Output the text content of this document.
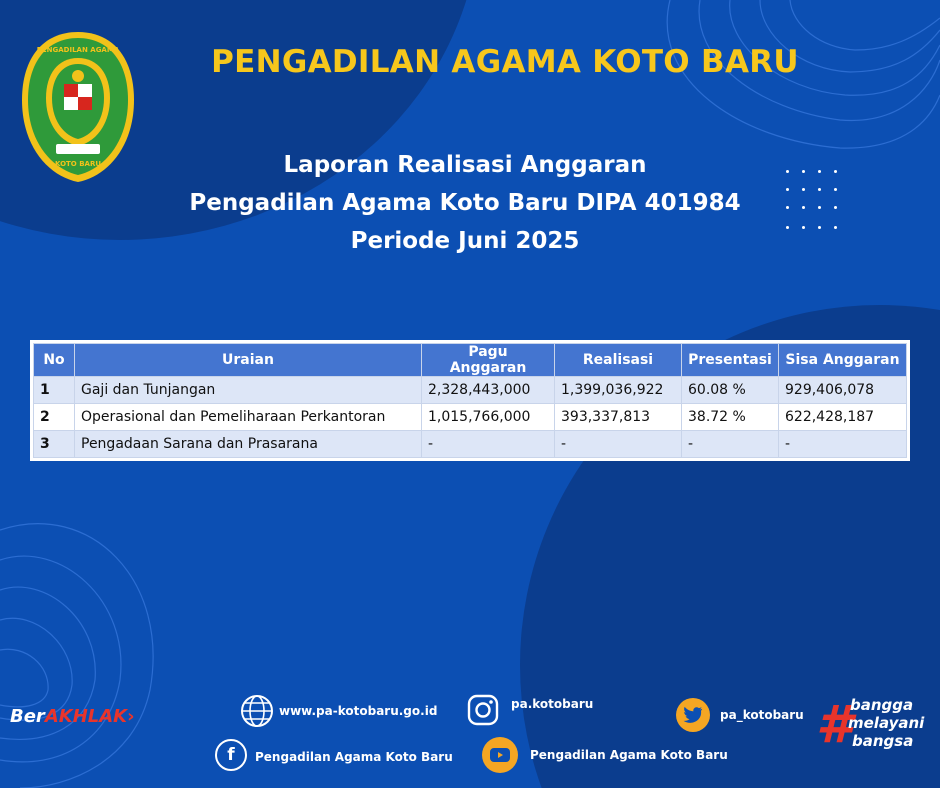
PENGADILAN AGAMA
KOTO BARU
PENGADILAN AGAMA KOTO BARU
Laporan Realisasi Anggaran
Pengadilan Agama Koto Baru DIPA 401984
Periode Juni 2025
No	Uraian	Pagu Anggaran	Realisasi	Presentasi	Sisa Anggaran
1	Gaji dan Tunjangan	2,328,443,000	1,399,036,922	60.08 %	929,406,078
2	Operasional dan Pemeliharaan Perkantoran	1,015,766,000	393,337,813	38.72 %	622,428,187
3	Pengadaan Sarana dan Prasarana	-	-	-	-
BerAKHLAK›	www.pa-kotobaru.go.id	pa.kotobaru
pa_kotobaru #
bangga
melayani
bangsa
f Pengadilan Agama Koto Baru	Pengadilan Agama Koto Baru
